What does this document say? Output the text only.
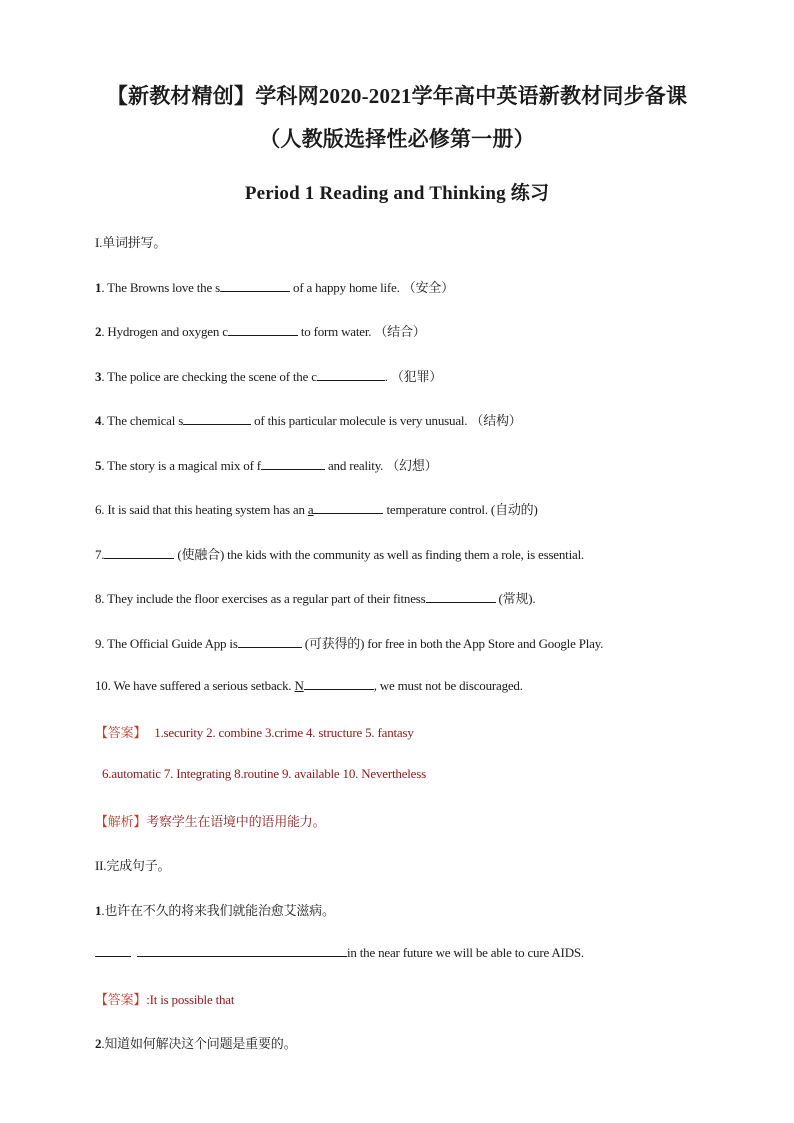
【新教材精创】学科网2020-2021学年高中英语新教材同步备课
（人教版选择性必修第一册）
Period 1 Reading and Thinking 练习
I.单词拼写。
1. The Browns love the s	of a happy home life. （安全）
2. Hydrogen and oxygen c	to form water. （结合）
3. The police are checking the scene of the c	. （犯罪）
4. The chemical s	of this particular molecule is very unusual. （结构）
5. The story is a magical mix of f	and reality. （幻想）
6. It is said that this heating system has an a	temperature control. (自动的)
7.	(使融合) the kids with the community as well as finding them a role, is essential.
8. They include the floor exercises as a regular part of their fitness	(常规).
9. The Official Guide App is	(可获得的) for free in both the App Store and Google Play.
10. We have suffered a serious setback. N	, we must not be discouraged.
【答案】 1.security 2. combine 3.crime 4. structure 5. fantasy
6.automatic 7. Integrating 8.routine 9. available 10. Nevertheless
【解析】考察学生在语境中的语用能力。
II.完成句子。
1.也许在不久的将来我们就能治愈艾滋病。
in the near future we will be able to cure AIDS.
【答案】:It is possible that
2.知道如何解决这个问题是重要的。
